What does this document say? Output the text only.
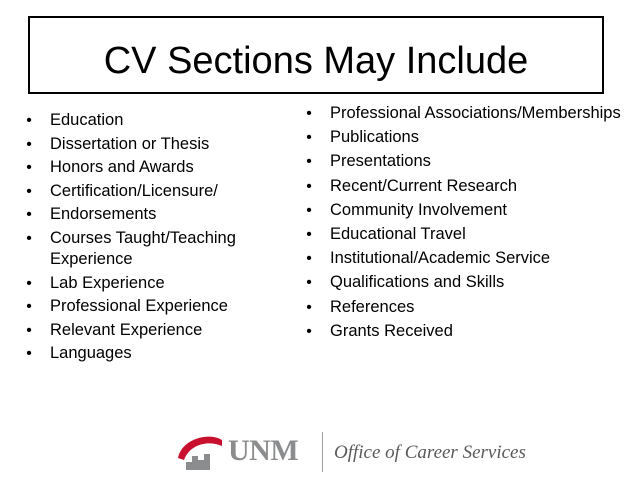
CV Sections May Include
• Education
• Dissertation or Thesis
• Honors and Awards
• Certification/Licensure/
• Endorsements
• Courses Taught/Teaching Experience
• Lab Experience
• Professional Experience
• Relevant Experience
• Languages
• Professional Associations/Memberships
• Publications
• Presentations
• Recent/Current Research
• Community Involvement
• Educational Travel
• Institutional/Academic Service
• Qualifications and Skills
• References
• Grants Received
UNM Office of Career Services
